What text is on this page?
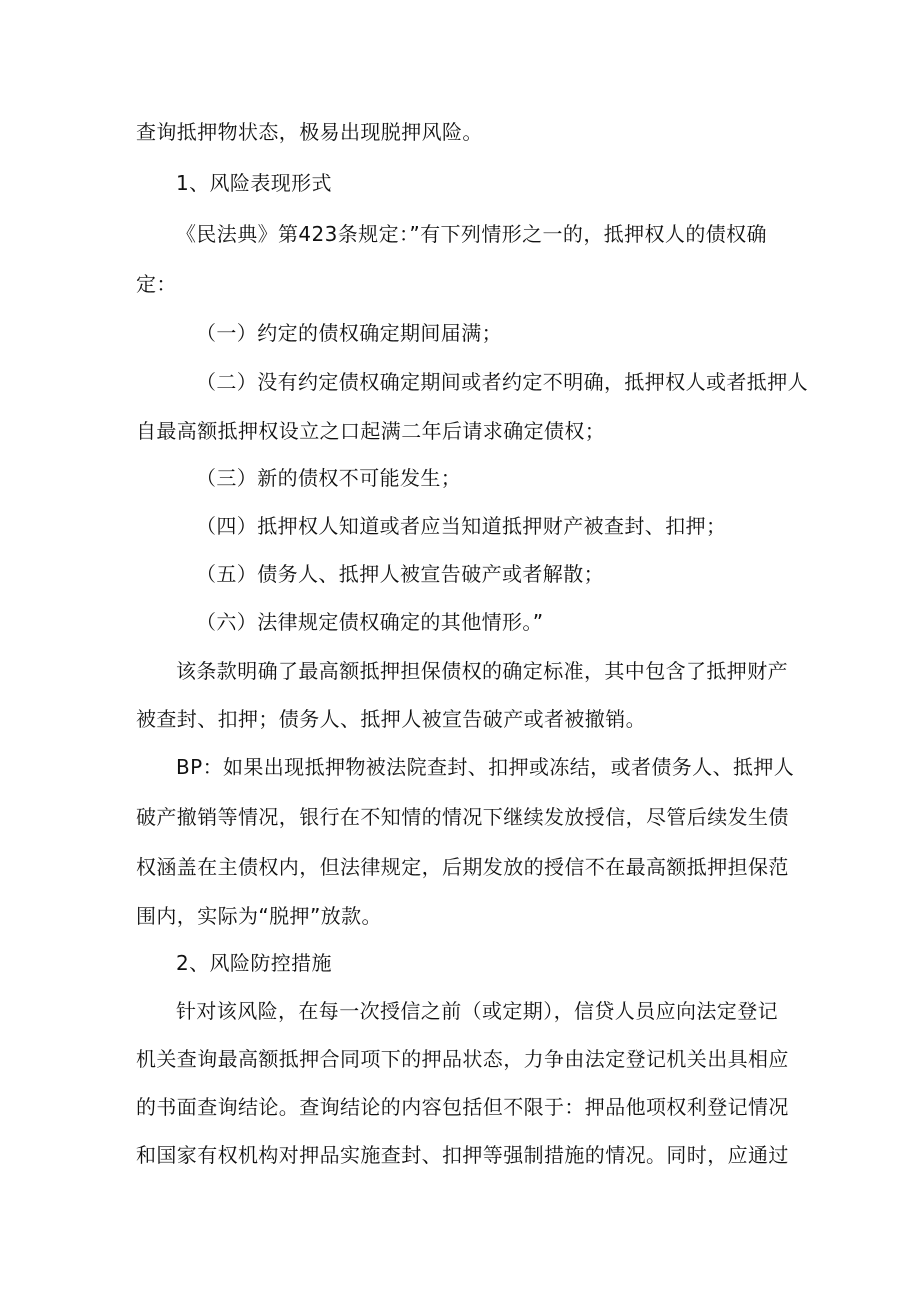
查询抵押物状态，极易出现脱押风险。
1、风险表现形式
《民法典》第423条规定：”有下列情形之一的，抵押权人的债权确
定：
（一）约定的债权确定期间届满；
（二）没有约定债权确定期间或者约定不明确，抵押权人或者抵押人
自最高额抵押权设立之口起满二年后请求确定债权；
（三）新的债权不可能发生；
（四）抵押权人知道或者应当知道抵押财产被查封、扣押；
（五）债务人、抵押人被宣告破产或者解散；
（六）法律规定债权确定的其他情形。”
该条款明确了最高额抵押担保债权的确定标准，其中包含了抵押财产
被查封、扣押；债务人、抵押人被宣告破产或者被撤销。
BP：如果出现抵押物被法院查封、扣押或冻结，或者债务人、抵押人
破产撤销等情况，银行在不知情的情况下继续发放授信，尽管后续发生债
权涵盖在主债权内，但法律规定，后期发放的授信不在最高额抵押担保范
围内，实际为“脱押”放款。
2、风险防控措施
针对该风险，在每一次授信之前（或定期），信贷人员应向法定登记
机关查询最高额抵押合同项下的押品状态，力争由法定登记机关出具相应
的书面查询结论。查询结论的内容包括但不限于：押品他项权利登记情况
和国家有权机构对押品实施查封、扣押等强制措施的情况。同时，应通过
